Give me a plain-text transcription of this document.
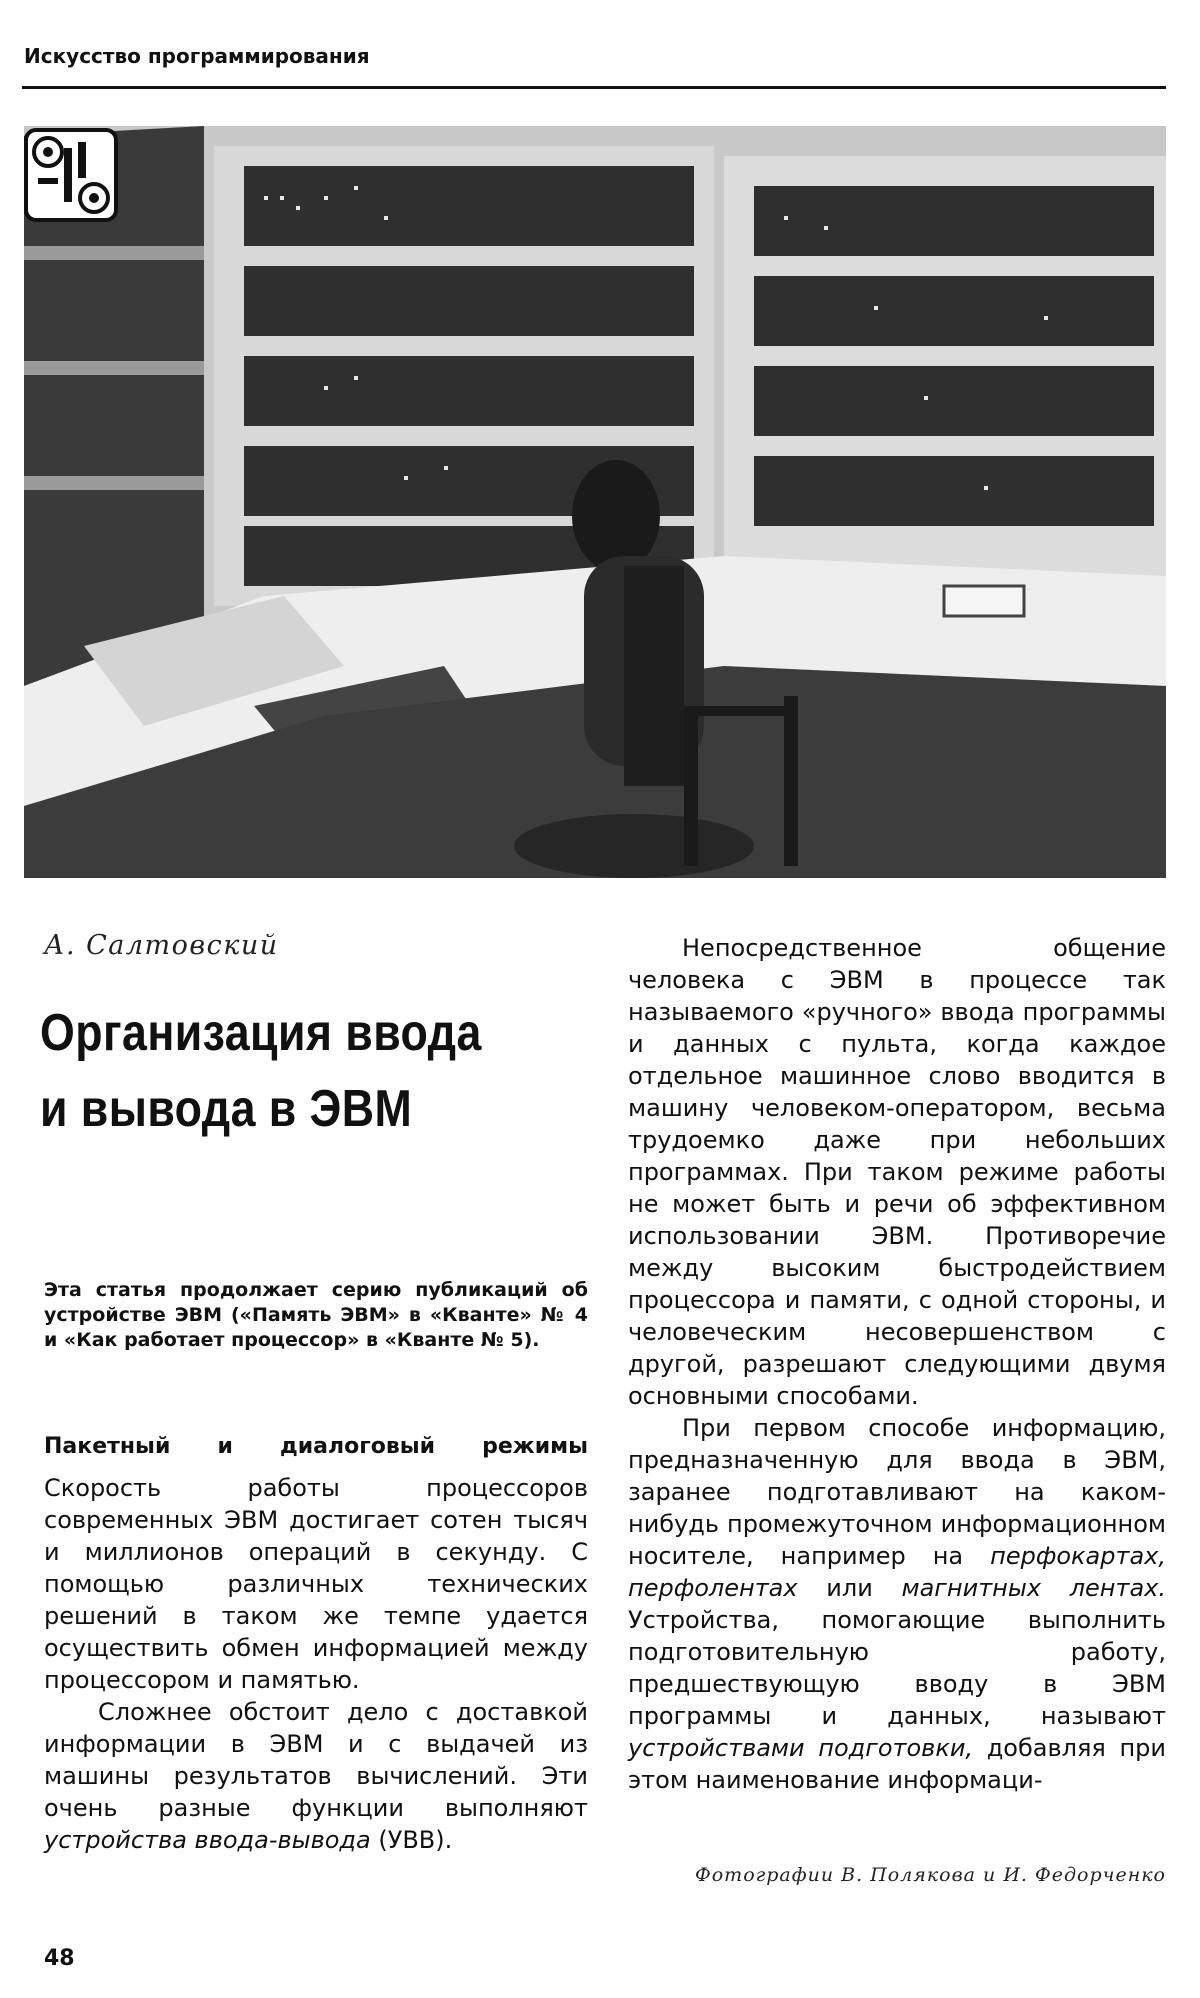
Искусство программирования
А. Салтовский
Организация ввода
и вывода в ЭВМ
Эта статья продолжает серию публикаций об устройстве ЭВМ («Память ЭВМ» в «Кванте» № 4 и «Как работает процессор» в «Кванте № 5).
Пакетный и диалоговый режимы

Скорость работы процессоров современных ЭВМ достигает сотен тысяч и миллионов операций в секунду. С помощью различных технических решений в таком же темпе удается осуществить обмен информацией между процессором и памятью.

Сложнее обстоит дело с доставкой информации в ЭВМ и с выдачей из машины результатов вычислений. Эти очень разные функции выполняют устройства ввода-вывода (УВВ).

Непосредственное общение человека с ЭВМ в процессе так называемого «ручного» ввода программы и данных с пульта, когда каждое отдельное машинное слово вводится в машину человеком-оператором, весьма трудоемко даже при небольших программах. При таком режиме работы не может быть и речи об эффективном использовании ЭВМ. Противоречие между высоким быстродействием процессора и памяти, с одной стороны, и человеческим несовершенством с другой, разрешают следующими двумя основными способами.

При первом способе информацию, предназначенную для ввода в ЭВМ, заранее подготавливают на каком-нибудь промежуточном информационном носителе, например на перфокартах, перфолентах или магнитных лентах. Устройства, помогающие выполнить подготовительную работу, предшествующую вводу в ЭВМ программы и данных, называют устройствами подготовки, добавляя при этом наименование информаци-

Фотографии В. Полякова и И. Федорченко
48
